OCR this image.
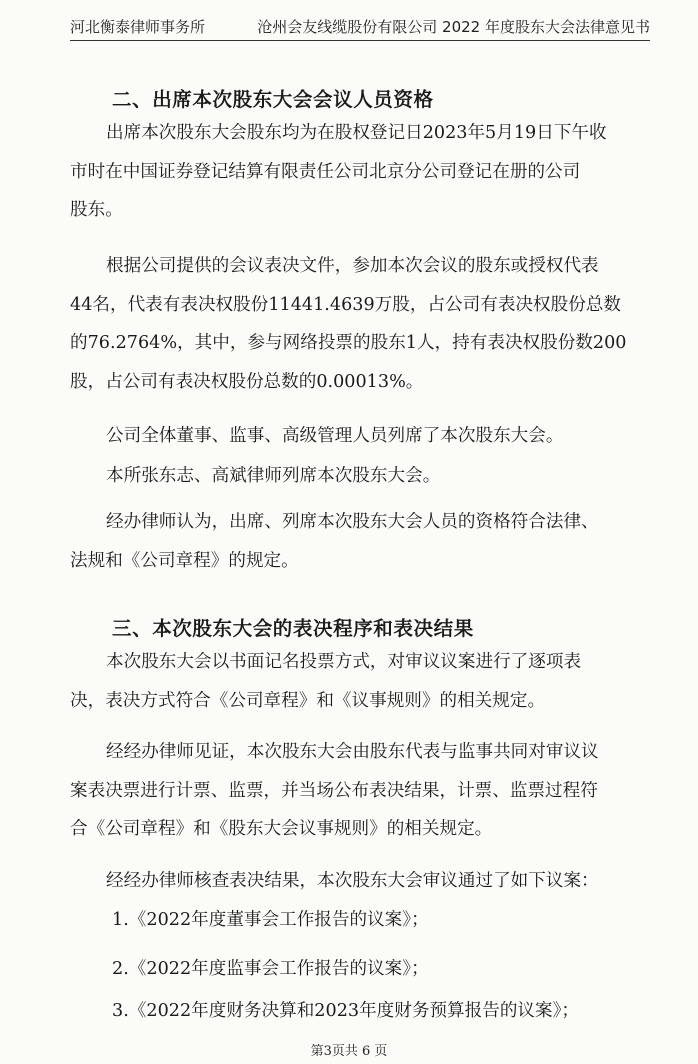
河北衡泰律师事务所	沧州会友线缆股份有限公司 2022 年度股东大会法律意见书
二、出席本次股东大会会议人员资格
出席本次股东大会股东均为在股权登记日2023年5月19日下午收
市时在中国证券登记结算有限责任公司北京分公司登记在册的公司
股东。
根据公司提供的会议表决文件，参加本次会议的股东或授权代表
44名，代表有表决权股份11441.4639万股，占公司有表决权股份总数
的76.2764%，其中，参与网络投票的股东1人，持有表决权股份数200
股，占公司有表决权股份总数的0.00013%。
公司全体董事、监事、高级管理人员列席了本次股东大会。
本所张东志、高斌律师列席本次股东大会。
经办律师认为，出席、列席本次股东大会人员的资格符合法律、
法规和《公司章程》的规定。
三、本次股东大会的表决程序和表决结果
本次股东大会以书面记名投票方式，对审议议案进行了逐项表
决，表决方式符合《公司章程》和《议事规则》的相关规定。
经经办律师见证，本次股东大会由股东代表与监事共同对审议议
案表决票进行计票、监票，并当场公布表决结果，计票、监票过程符
合《公司章程》和《股东大会议事规则》的相关规定。
经经办律师核查表决结果，本次股东大会审议通过了如下议案：
1.《2022年度董事会工作报告的议案》；
2.《2022年度监事会工作报告的议案》；
3.《2022年度财务决算和2023年度财务预算报告的议案》；
第3页共 6 页
